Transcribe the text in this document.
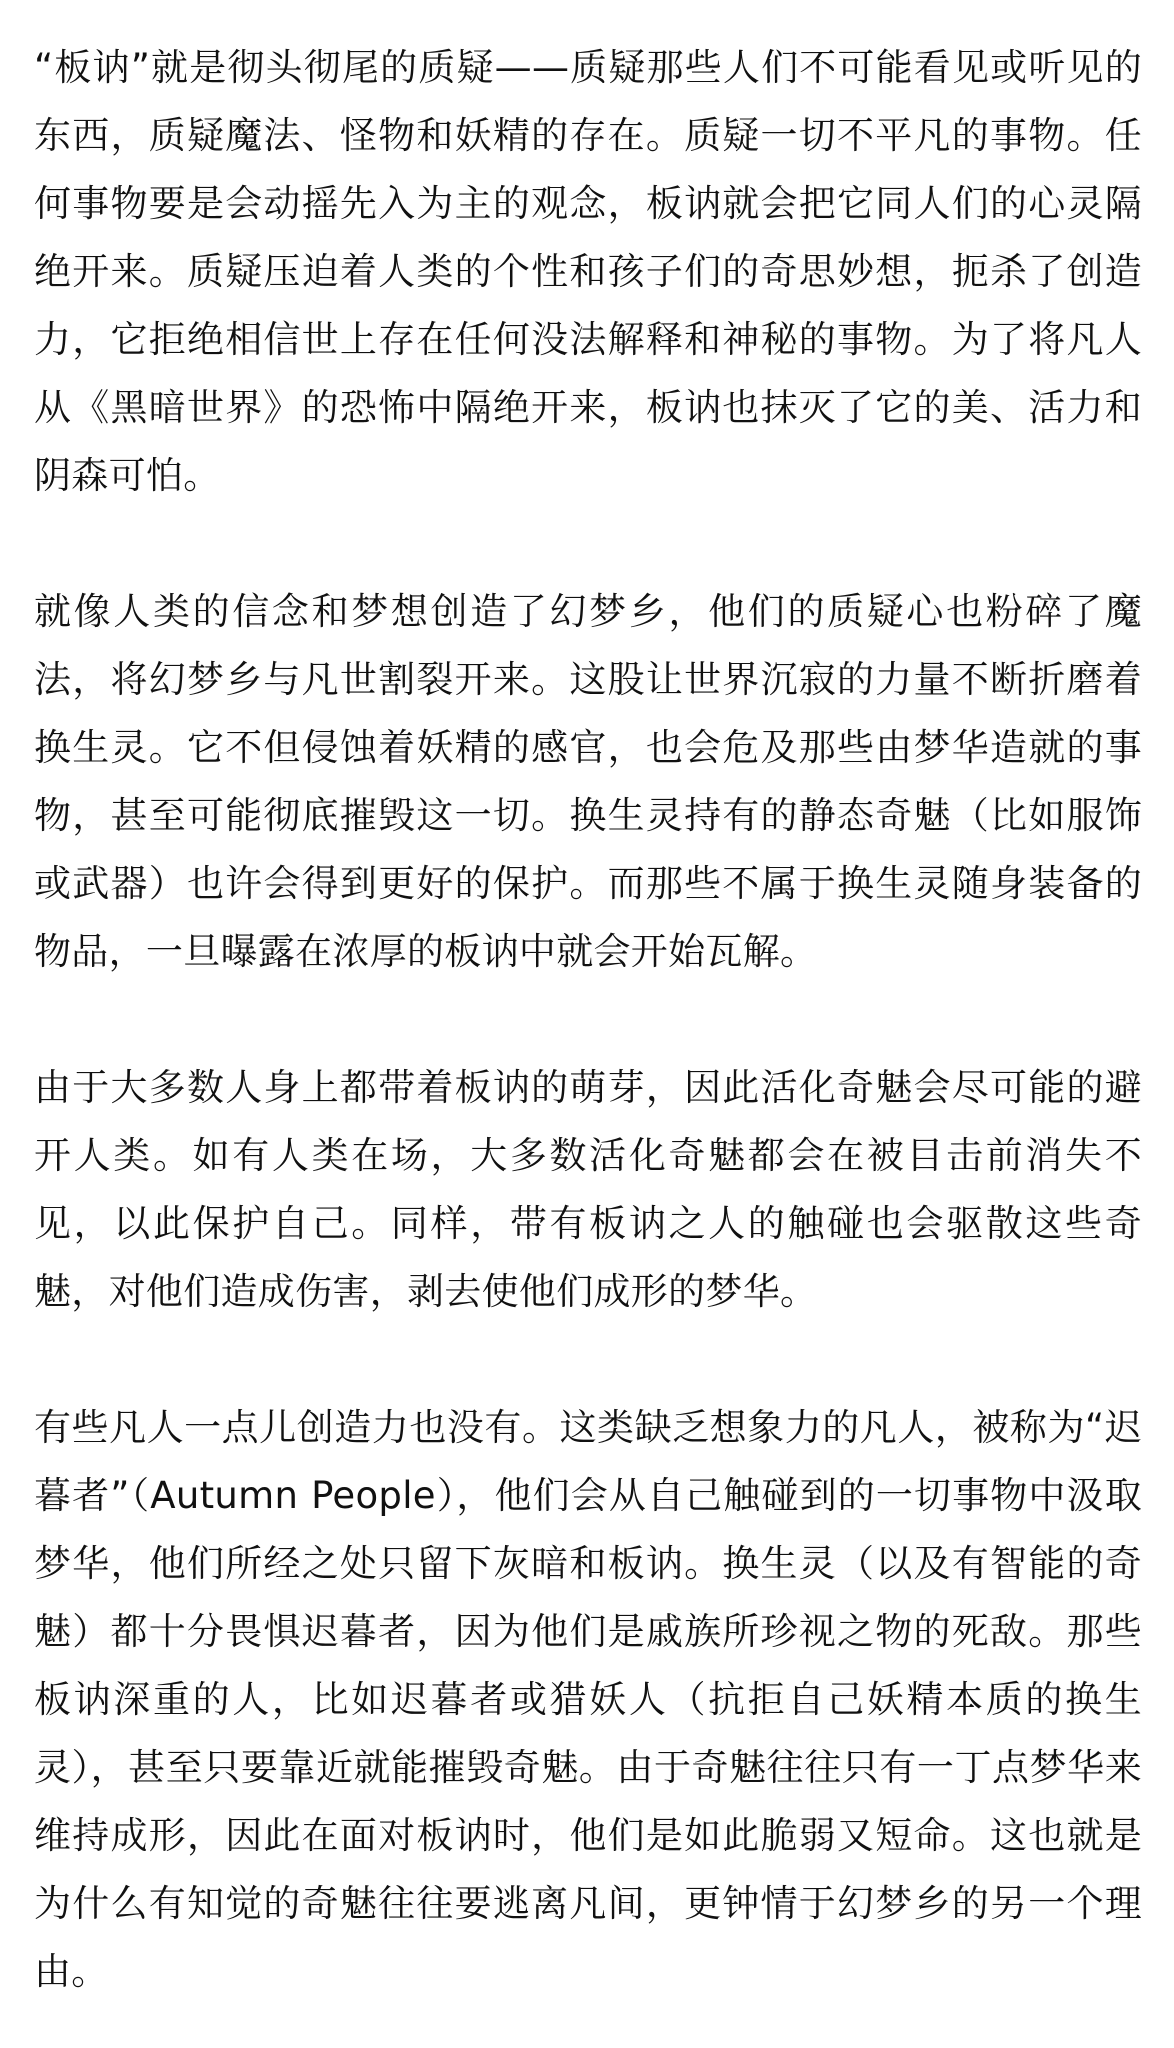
“板讷”就是彻头彻尾的质疑——质疑那些人们不可能看见或听见的东西，质疑魔法、怪物和妖精的存在。质疑一切不平凡的事物。任何事物要是会动摇先入为主的观念，板讷就会把它同人们的心灵隔绝开来。质疑压迫着人类的个性和孩子们的奇思妙想，扼杀了创造力，它拒绝相信世上存在任何没法解释和神秘的事物。为了将凡人从《黑暗世界》的恐怖中隔绝开来，板讷也抹灭了它的美、活力和阴森可怕。

就像人类的信念和梦想创造了幻梦乡，他们的质疑心也粉碎了魔法，将幻梦乡与凡世割裂开来。这股让世界沉寂的力量不断折磨着换生灵。它不但侵蚀着妖精的感官，也会危及那些由梦华造就的事物，甚至可能彻底摧毁这一切。换生灵持有的静态奇魅（比如服饰或武器）也许会得到更好的保护。而那些不属于换生灵随身装备的物品，一旦曝露在浓厚的板讷中就会开始瓦解。

由于大多数人身上都带着板讷的萌芽，因此活化奇魅会尽可能的避开人类。如有人类在场，大多数活化奇魅都会在被目击前消失不见，以此保护自己。同样，带有板讷之人的触碰也会驱散这些奇魅，对他们造成伤害，剥去使他们成形的梦华。

有些凡人一点儿创造力也没有。这类缺乏想象力的凡人，被称为“迟暮者”（Autumn People），他们会从自己触碰到的一切事物中汲取梦华，他们所经之处只留下灰暗和板讷。换生灵（以及有智能的奇魅）都十分畏惧迟暮者，因为他们是戚族所珍视之物的死敌。那些板讷深重的人，比如迟暮者或猎妖人（抗拒自己妖精本质的换生灵），甚至只要靠近就能摧毁奇魅。由于奇魅往往只有一丁点梦华来维持成形，因此在面对板讷时，他们是如此脆弱又短命。这也就是为什么有知觉的奇魅往往要逃离凡间，更钟情于幻梦乡的另一个理由。
